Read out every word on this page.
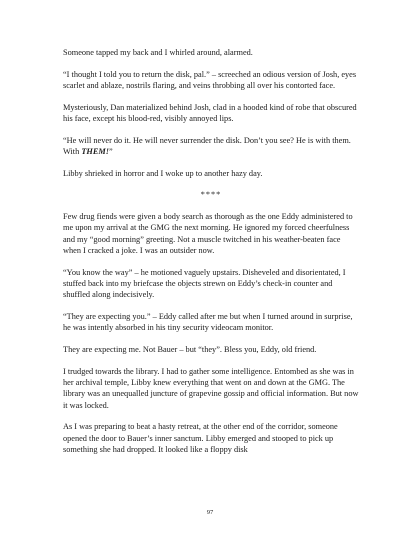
Someone tapped my back and I whirled around, alarmed.

“I thought I told you to return the disk, pal.” – screeched an odious version of Josh, eyes scarlet and ablaze, nostrils flaring, and veins throbbing all over his contorted face.

Mysteriously, Dan materialized behind Josh, clad in a hooded kind of robe that obscured his face, except his blood-red, visibly annoyed lips.

“He will never do it. He will never surrender the disk. Don’t you see? He is with them. With THEM!”

Libby shrieked in horror and I woke up to another hazy day.

****

Few drug fiends were given a body search as thorough as the one Eddy administered to me upon my arrival at the GMG the next morning. He ignored my forced cheerfulness and my “good morning” greeting. Not a muscle twitched in his weather-beaten face when I cracked a joke. I was an outsider now.

“You know the way” – he motioned vaguely upstairs. Disheveled and disorientated, I stuffed back into my briefcase the objects strewn on Eddy’s check-in counter and shuffled along indecisively.

“They are expecting you.” – Eddy called after me but when I turned around in surprise, he was intently absorbed in his tiny security videocam monitor.

They are expecting me. Not Bauer – but “they”. Bless you, Eddy, old friend.

I trudged towards the library. I had to gather some intelligence. Entombed as she was in her archival temple, Libby knew everything that went on and down at the GMG. The library was an unequalled juncture of grapevine gossip and official information. But now it was locked.

As I was preparing to beat a hasty retreat, at the other end of the corridor, someone opened the door to Bauer’s inner sanctum. Libby emerged and stooped to pick up something she had dropped. It looked like a floppy disk

97
